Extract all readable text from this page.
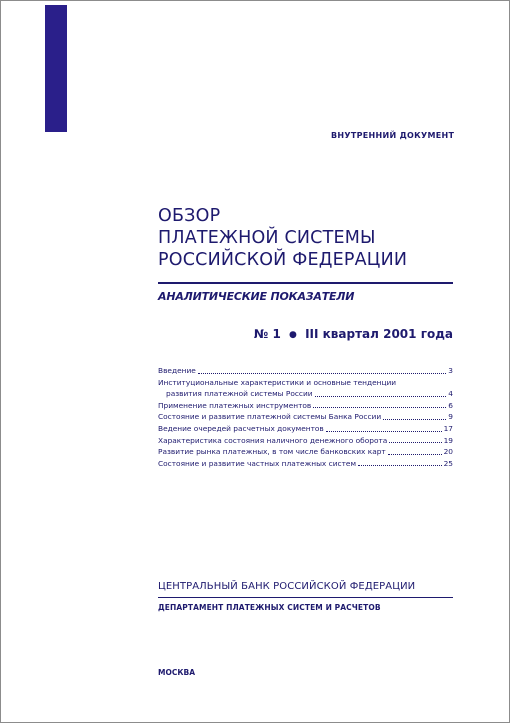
ВНУТРЕННИЙ ДОКУМЕНТ
ОБЗОР
ПЛАТЕЖНОЙ СИСТЕМЫ
РОССИЙСКОЙ ФЕДЕРАЦИИ
АНАЛИТИЧЕСКИЕ ПОКАЗАТЕЛИ
№ 1 ● III квартал 2001 года
Введение	3
Институциональные характеристики и основные тенденции
развития платежной системы России	4
Применение платежных инструментов	6
Состояние и развитие платежной системы Банка России	9
Ведение очередей расчетных документов	17
Характеристика состояния наличного денежного оборота	19
Развитие рынка платежных, в том числе банковских карт	20
Состояние и развитие частных платежных систем	25
ЦЕНТРАЛЬНЫЙ БАНК РОССИЙСКОЙ ФЕДЕРАЦИИ
ДЕПАРТАМЕНТ ПЛАТЕЖНЫХ СИСТЕМ И РАСЧЕТОВ
МОСКВА
